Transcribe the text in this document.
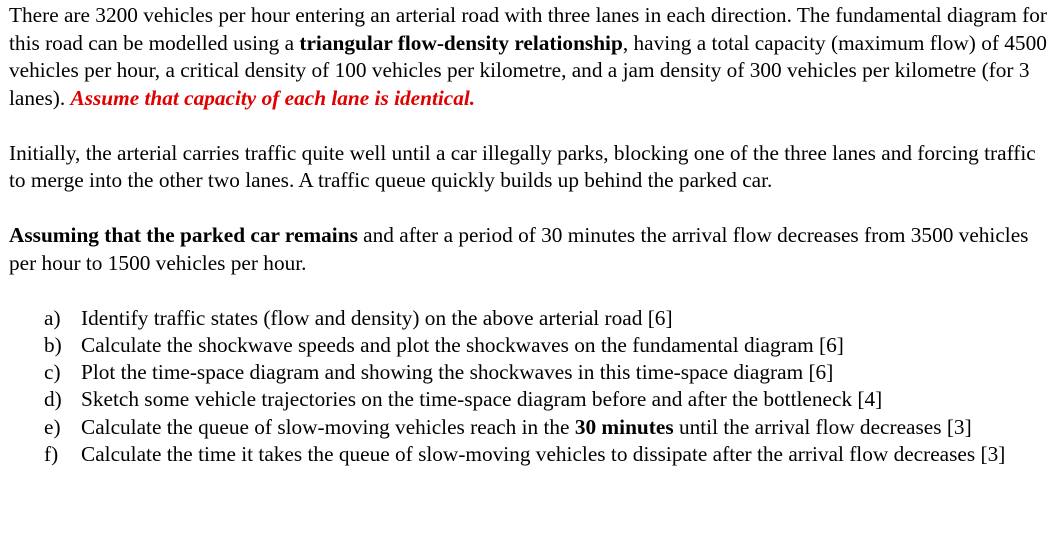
There are 3200 vehicles per hour entering an arterial road with three lanes in each direction. The fundamental diagram for this road can be modelled using a triangular flow-density relationship, having a total capacity (maximum flow) of 4500 vehicles per hour, a critical density of 100 vehicles per kilometre, and a jam density of 300 vehicles per kilometre (for 3 lanes). Assume that capacity of each lane is identical.

Initially, the arterial carries traffic quite well until a car illegally parks, blocking one of the three lanes and forcing traffic to merge into the other two lanes. A traffic queue quickly builds up behind the parked car.

Assuming that the parked car remains and after a period of 30 minutes the arrival flow decreases from 3500 vehicles per hour to 1500 vehicles per hour.

a) Identify traffic states (flow and density) on the above arterial road [6]
b) Calculate the shockwave speeds and plot the shockwaves on the fundamental diagram [6]
c) Plot the time-space diagram and showing the shockwaves in this time-space diagram [6]
d) Sketch some vehicle trajectories on the time-space diagram before and after the bottleneck [4]
e) Calculate the queue of slow-moving vehicles reach in the 30 minutes until the arrival flow decreases [3]
f) Calculate the time it takes the queue of slow-moving vehicles to dissipate after the arrival flow decreases [3]
